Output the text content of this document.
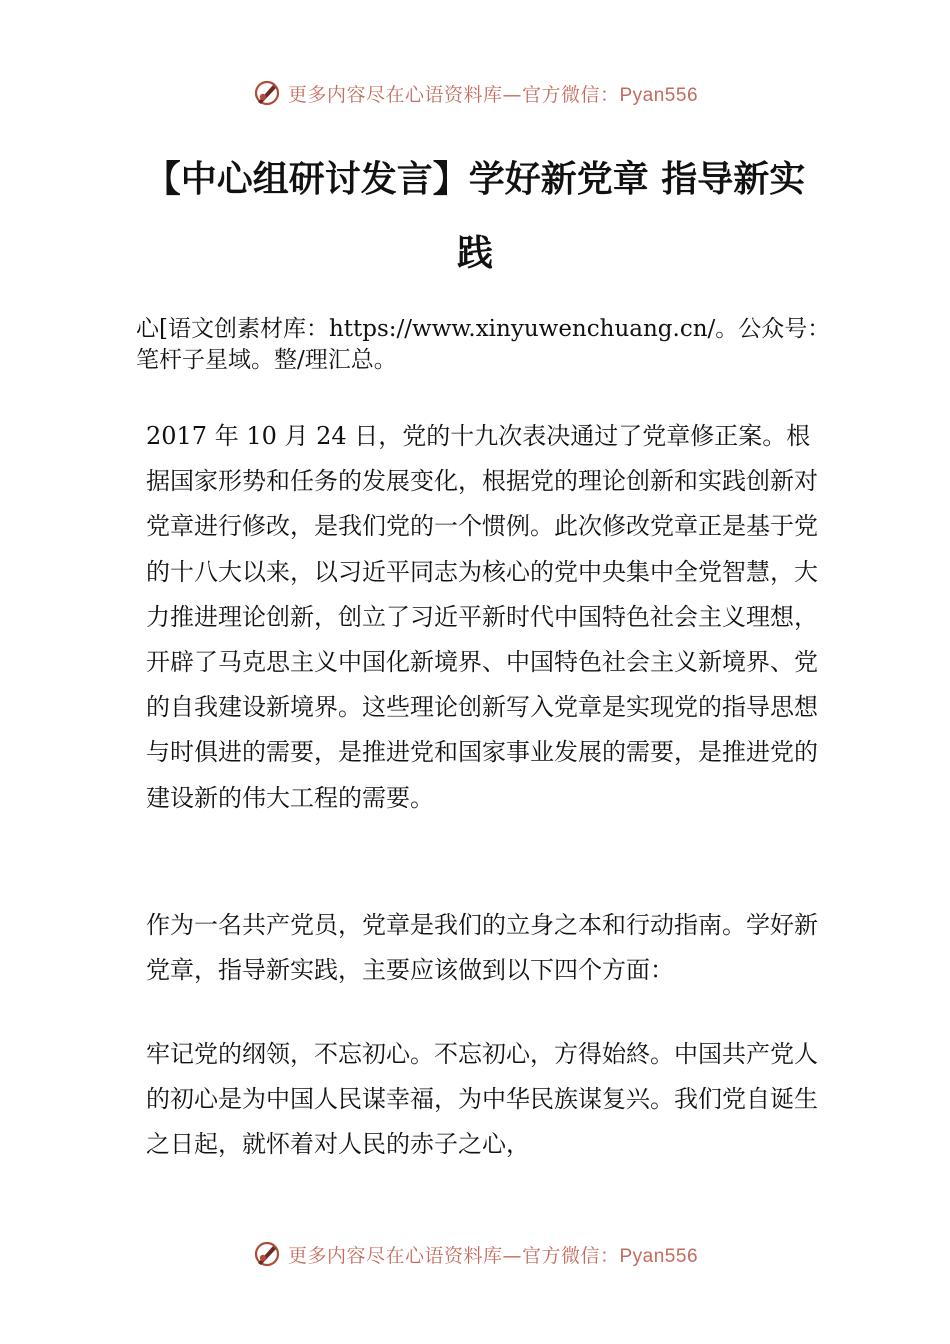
更多内容尽在心语资料库—官方微信：Pyan556
【中心组研讨发言】学好新党章 指导新实
践
心[语文创素材库：https://www.xinyuwenchuang.cn/。公众号：笔杆子星域。整/理汇总。

2017 年 10 月 24 日，党的十九次表决通过了党章修正案。根据国家形势和任务的发展变化，根据党的理论创新和实践创新对党章进行修改，是我们党的一个惯例。此次修改党章正是基于党的十八大以来，以习近平同志为核心的党中央集中全党智慧，大力推进理论创新，创立了习近平新时代中国特色社会主义理想，开辟了马克思主义中国化新境界、中国特色社会主义新境界、党的自我建设新境界。这些理论创新写入党章是实现党的指导思想与时俱进的需要，是推进党和国家事业发展的需要，是推进党的建设新的伟大工程的需要。

作为一名共产党员，党章是我们的立身之本和行动指南。学好新党章，指导新实践，主要应该做到以下四个方面：

牢记党的纲领，不忘初心。不忘初心，方得始終。中国共产党人的初心是为中国人民谋幸福，为中华民族谋复兴。我们党自诞生之日起，就怀着对人民的赤子之心，

更多内容尽在心语资料库—官方微信：Pyan556
